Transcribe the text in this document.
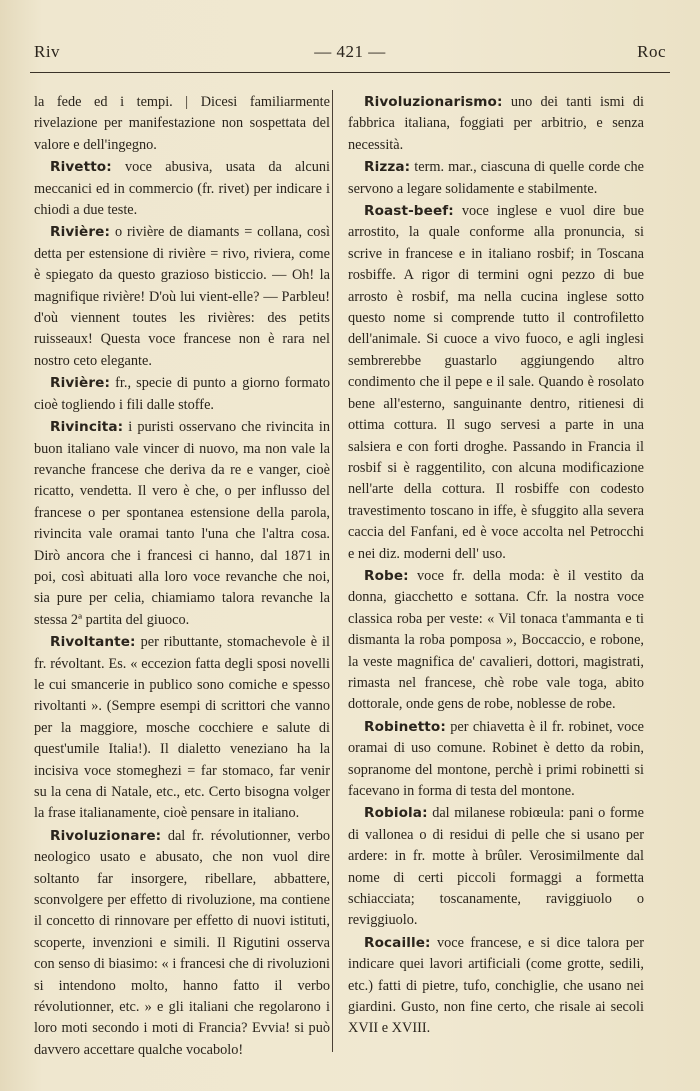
Riv	— 421 —	Roc

la fede ed i tempi. | Dicesi familiarmente rivelazione per manifestazione non sospettata del valore e dell'ingegno.

Rivetto: voce abusiva, usata da alcuni meccanici ed in commercio (fr. rivet) per indicare i chiodi a due teste.

Rivière: o rivière de diamants = collana, così detta per estensione di rivière = rivo, riviera, come è spiegato da questo grazioso bisticcio. — Oh! la magnifique rivière! D'où lui vient-elle? — Parbleu! d'où viennent toutes les rivières: des petits ruisseaux! Questa voce francese non è rara nel nostro ceto elegante.

Rivière: fr., specie di punto a giorno formato cioè togliendo i fili dalle stoffe.

Rivincita: i puristi osservano che rivincita in buon italiano vale vincer di nuovo, ma non vale la revanche francese che deriva da re e vanger, cioè ricatto, vendetta. Il vero è che, o per influsso del francese o per spontanea estensione della parola, rivincita vale oramai tanto l'una che l'altra cosa. Dirò ancora che i francesi ci hanno, dal 1871 in poi, così abituati alla loro voce revanche che noi, sia pure per celia, chiamiamo talora revanche la stessa 2ª partita del giuoco.

Rivoltante: per ributtante, stomachevole è il fr. révoltant. Es. « eccezion fatta degli sposi novelli le cui smancerie in publico sono comiche e spesso rivoltanti ». (Sempre esempi di scrittori che vanno per la maggiore, mosche cocchiere e salute di quest'umile Italia!). Il dialetto veneziano ha la incisiva voce stomeghezi = far stomaco, far venir su la cena di Natale, etc., etc. Certo bisogna volger la frase italianamente, cioè pensare in italiano.

Rivoluzionare: dal fr. révolutionner, verbo neologico usato e abusato, che non vuol dire soltanto far insorgere, ribellare, abbattere, sconvolgere per effetto di rivoluzione, ma contiene il concetto di rinnovare per effetto di nuovi istituti, scoperte, invenzioni e simili. Il Rigutini osserva con senso di biasimo: « i francesi che di rivoluzioni si intendono molto, hanno fatto il verbo révolutionner, etc. » e gli italiani che regolarono i loro moti secondo i moti di Francia? Evvia! si può davvero accettare qualche vocabolo!

Rivoluzionarismo: uno dei tanti ismi di fabbrica italiana, foggiati per arbitrio, e senza necessità.

Rizza: term. mar., ciascuna di quelle corde che servono a legare solidamente e stabilmente.

Roast-beef: voce inglese e vuol dire bue arrostito, la quale conforme alla pronuncia, si scrive in francese e in italiano rosbif; in Toscana rosbiffe. A rigor di termini ogni pezzo di bue arrosto è rosbif, ma nella cucina inglese sotto questo nome si comprende tutto il controfiletto dell'animale. Si cuoce a vivo fuoco, e agli inglesi sembrerebbe guastarlo aggiungendo altro condimento che il pepe e il sale. Quando è rosolato bene all'esterno, sanguinante dentro, ritienesi di ottima cottura. Il sugo servesi a parte in una salsiera e con forti droghe. Passando in Francia il rosbif si è raggentilito, con alcuna modificazione nell'arte della cottura. Il rosbiffe con codesto travestimento toscano in iffe, è sfuggito alla severa caccia del Fanfani, ed è voce accolta nel Petrocchi e nei diz. moderni dell' uso.

Robe: voce fr. della moda: è il vestito da donna, giacchetto e sottana. Cfr. la nostra voce classica roba per veste: « Vil tonaca t'ammanta e ti dismanta la roba pomposa », Boccaccio, e robone, la veste magnifica de' cavalieri, dottori, magistrati, rimasta nel francese, chè robe vale toga, abito dottorale, onde gens de robe, noblesse de robe.

Robinetto: per chiavetta è il fr. robinet, voce oramai di uso comune. Robinet è detto da robin, sopranome del montone, perchè i primi robinetti si facevano in forma di testa del montone.

Robiola: dal milanese robiœula: pani o forme di vallonea o di residui di pelle che si usano per ardere: in fr. motte à brûler. Verosimilmente dal nome di certi piccoli formaggi a formetta schiacciata; toscanamente, raviggiuolo o reviggiuolo.

Rocaille: voce francese, e si dice talora per indicare quei lavori artificiali (come grotte, sedili, etc.) fatti di pietre, tufo, conchiglie, che usano nei giardini. Gusto, non fine certo, che risale ai secoli XVII e XVIII.
